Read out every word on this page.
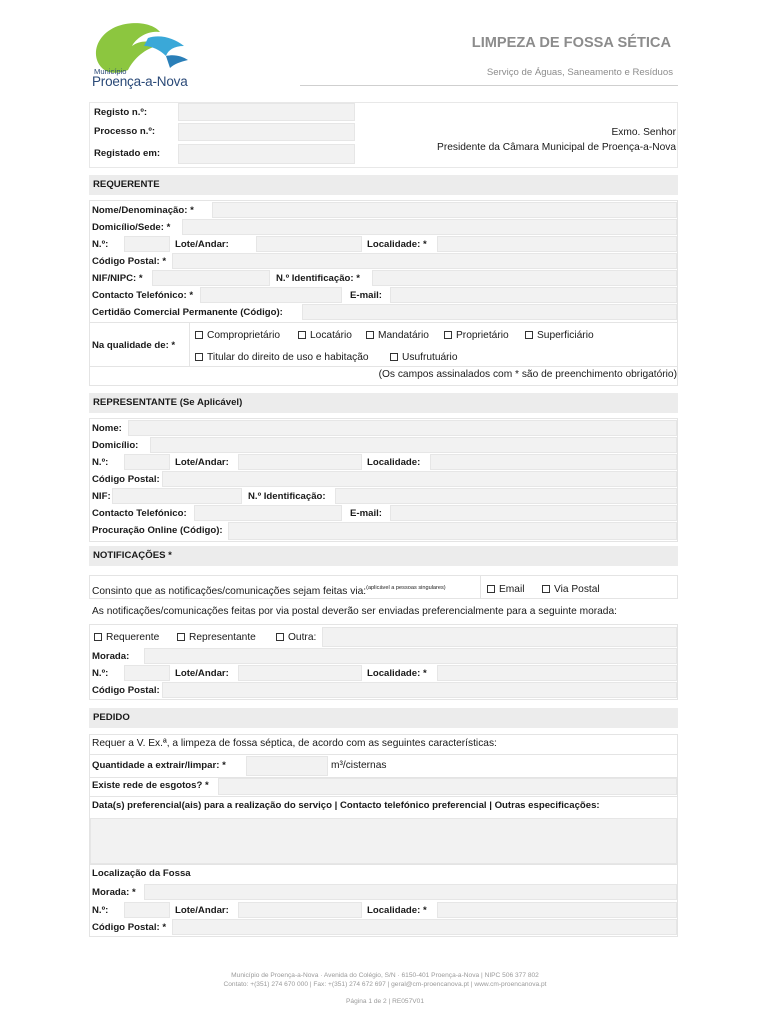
Município
Proença-a-Nova
LIMPEZA DE FOSSA SÉTICA
Serviço de Águas, Saneamento e Resíduos
Registo n.º:
Processo n.º:
Registado em:
Exmo. Senhor
Presidente da Câmara Municipal de Proença-a-Nova
REQUERENTE
Nome/Denominação: *
Domicílio/Sede: *
N.º:	Lote/Andar:	Localidade: *
Código Postal: *
NIF/NIPC: *	N.º Identificação: *
Contacto Telefónico: *	E-mail:
Certidão Comercial Permanente (Código):
Na qualidade de: *
Comproprietário	Locatário	Mandatário	Proprietário	Superficiário
Titular do direito de uso e habitação	Usufrutuário
(Os campos assinalados com * são de preenchimento obrigatório)
REPRESENTANTE (Se Aplicável)
Nome:
Domicílio:
N.º:	Lote/Andar:	Localidade:
Código Postal:
NIF:	N.º Identificação:
Contacto Telefónico:	E-mail:
Procuração Online (Código):
NOTIFICAÇÕES *
Consinto que as notificações/comunicações sejam feitas via:$^{(aplicável a pessoas singulares)}$	Email	Via Postal
As notificações/comunicações feitas por via postal deverão ser enviadas preferencialmente para a seguinte morada:
Requerente	Representante	Outra:
Morada:
N.º:	Lote/Andar:	Localidade: *
Código Postal:
PEDIDO
Requer a V. Ex.ª, a limpeza de fossa séptica, de acordo com as seguintes características:
Quantidade a extrair/limpar: *	m³/cisternas
Existe rede de esgotos? *
Data(s) preferencial(ais) para a realização do serviço | Contacto telefónico preferencial | Outras especificações:
Localização da Fossa
Morada: *
N.º:	Lote/Andar:	Localidade: *
Código Postal: *
Município de Proença-a-Nova · Avenida do Colégio, S/N · 6150-401 Proença-a-Nova | NIPC 506 377 802
Contato: +(351) 274 670 000 | Fax: +(351) 274 672 697 | geral@cm-proencanova.pt | www.cm-proencanova.pt
Página 1 de 2 | RE057V01
